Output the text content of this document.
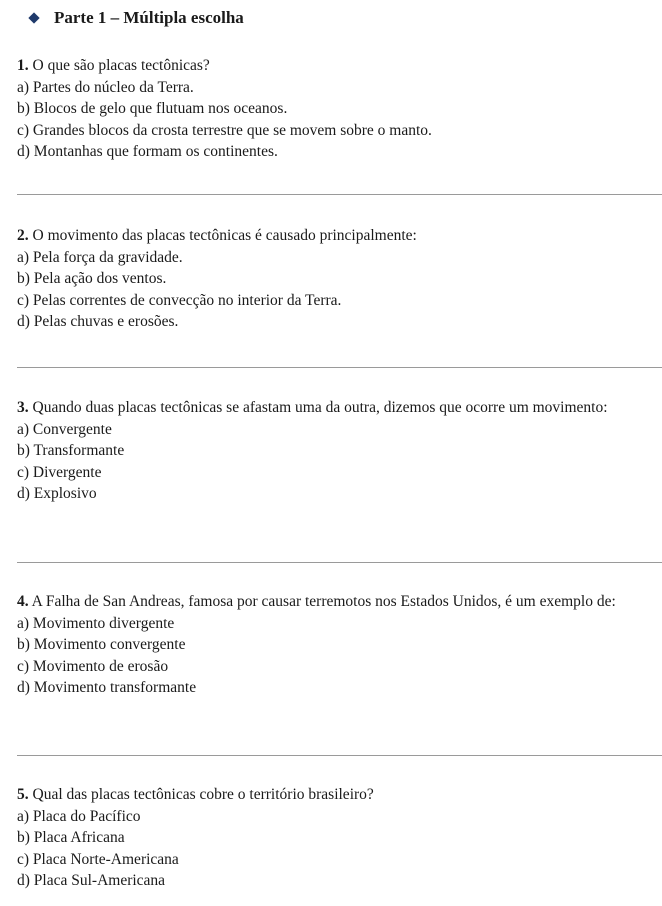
Parte 1 – Múltipla escolha

1. O que são placas tectônicas?

a) Partes do núcleo da Terra.

b) Blocos de gelo que flutuam nos oceanos.

c) Grandes blocos da crosta terrestre que se movem sobre o manto.

d) Montanhas que formam os continentes.

2. O movimento das placas tectônicas é causado principalmente:

a) Pela força da gravidade.

b) Pela ação dos ventos.

c) Pelas correntes de convecção no interior da Terra.

d) Pelas chuvas e erosões.

3. Quando duas placas tectônicas se afastam uma da outra, dizemos que ocorre um movimento:

a) Convergente

b) Transformante

c) Divergente

d) Explosivo

4. A Falha de San Andreas, famosa por causar terremotos nos Estados Unidos, é um exemplo de:

a) Movimento divergente

b) Movimento convergente

c) Movimento de erosão

d) Movimento transformante

5. Qual das placas tectônicas cobre o território brasileiro?

a) Placa do Pacífico

b) Placa Africana

c) Placa Norte-Americana

d) Placa Sul-Americana
